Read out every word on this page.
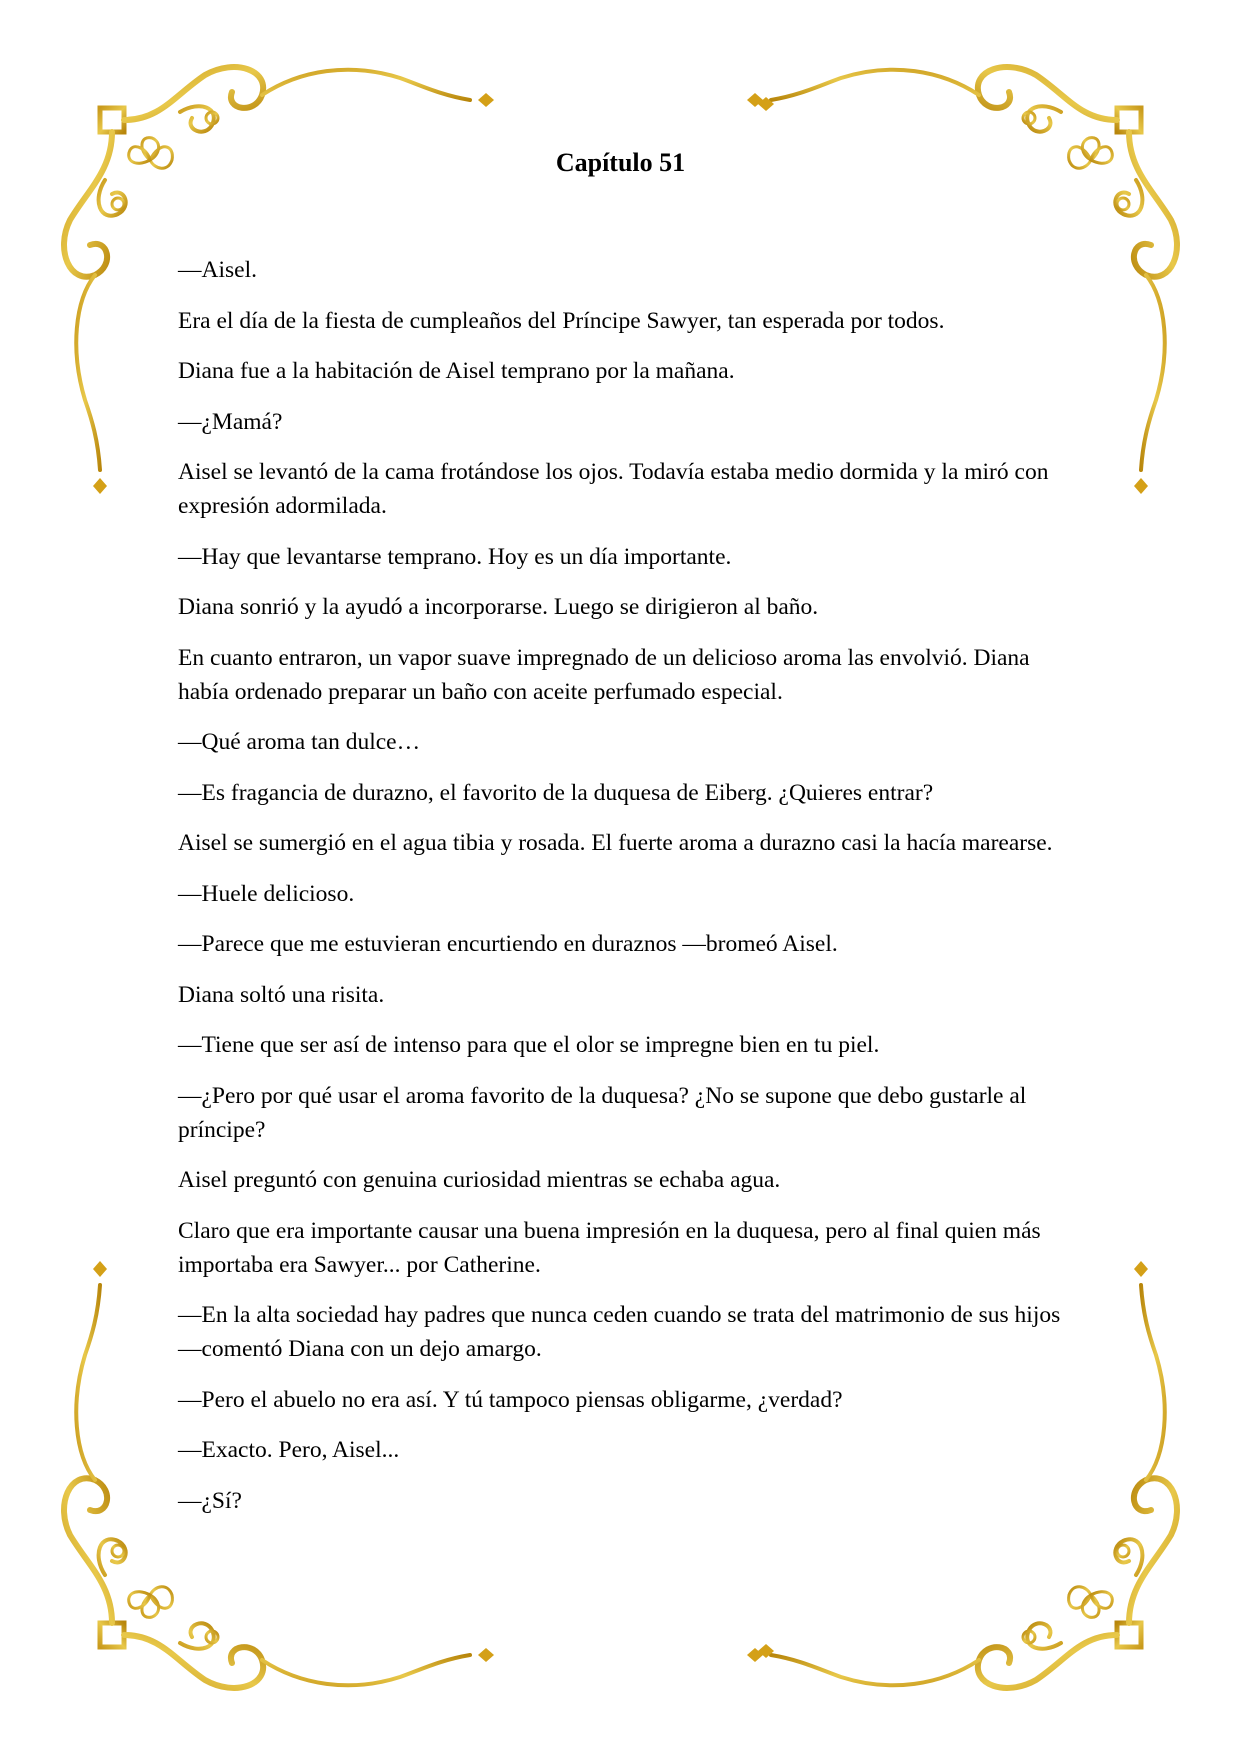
Capítulo 51

—Aisel.

Era el día de la fiesta de cumpleaños del Príncipe Sawyer, tan esperada por todos.

Diana fue a la habitación de Aisel temprano por la mañana.

—¿Mamá?

Aisel se levantó de la cama frotándose los ojos. Todavía estaba medio dormida y la miró con expresión adormilada.

—Hay que levantarse temprano. Hoy es un día importante.

Diana sonrió y la ayudó a incorporarse. Luego se dirigieron al baño.

En cuanto entraron, un vapor suave impregnado de un delicioso aroma las envolvió. Diana había ordenado preparar un baño con aceite perfumado especial.

—Qué aroma tan dulce…

—Es fragancia de durazno, el favorito de la duquesa de Eiberg. ¿Quieres entrar?

Aisel se sumergió en el agua tibia y rosada. El fuerte aroma a durazno casi la hacía marearse.

—Huele delicioso.

—Parece que me estuvieran encurtiendo en duraznos —bromeó Aisel.

Diana soltó una risita.

—Tiene que ser así de intenso para que el olor se impregne bien en tu piel.

—¿Pero por qué usar el aroma favorito de la duquesa? ¿No se supone que debo gustarle al príncipe?

Aisel preguntó con genuina curiosidad mientras se echaba agua.

Claro que era importante causar una buena impresión en la duquesa, pero al final quien más importaba era Sawyer... por Catherine.

—En la alta sociedad hay padres que nunca ceden cuando se trata del matrimonio de sus hijos —comentó Diana con un dejo amargo.

—Pero el abuelo no era así. Y tú tampoco piensas obligarme, ¿verdad?

—Exacto. Pero, Aisel...

—¿Sí?
